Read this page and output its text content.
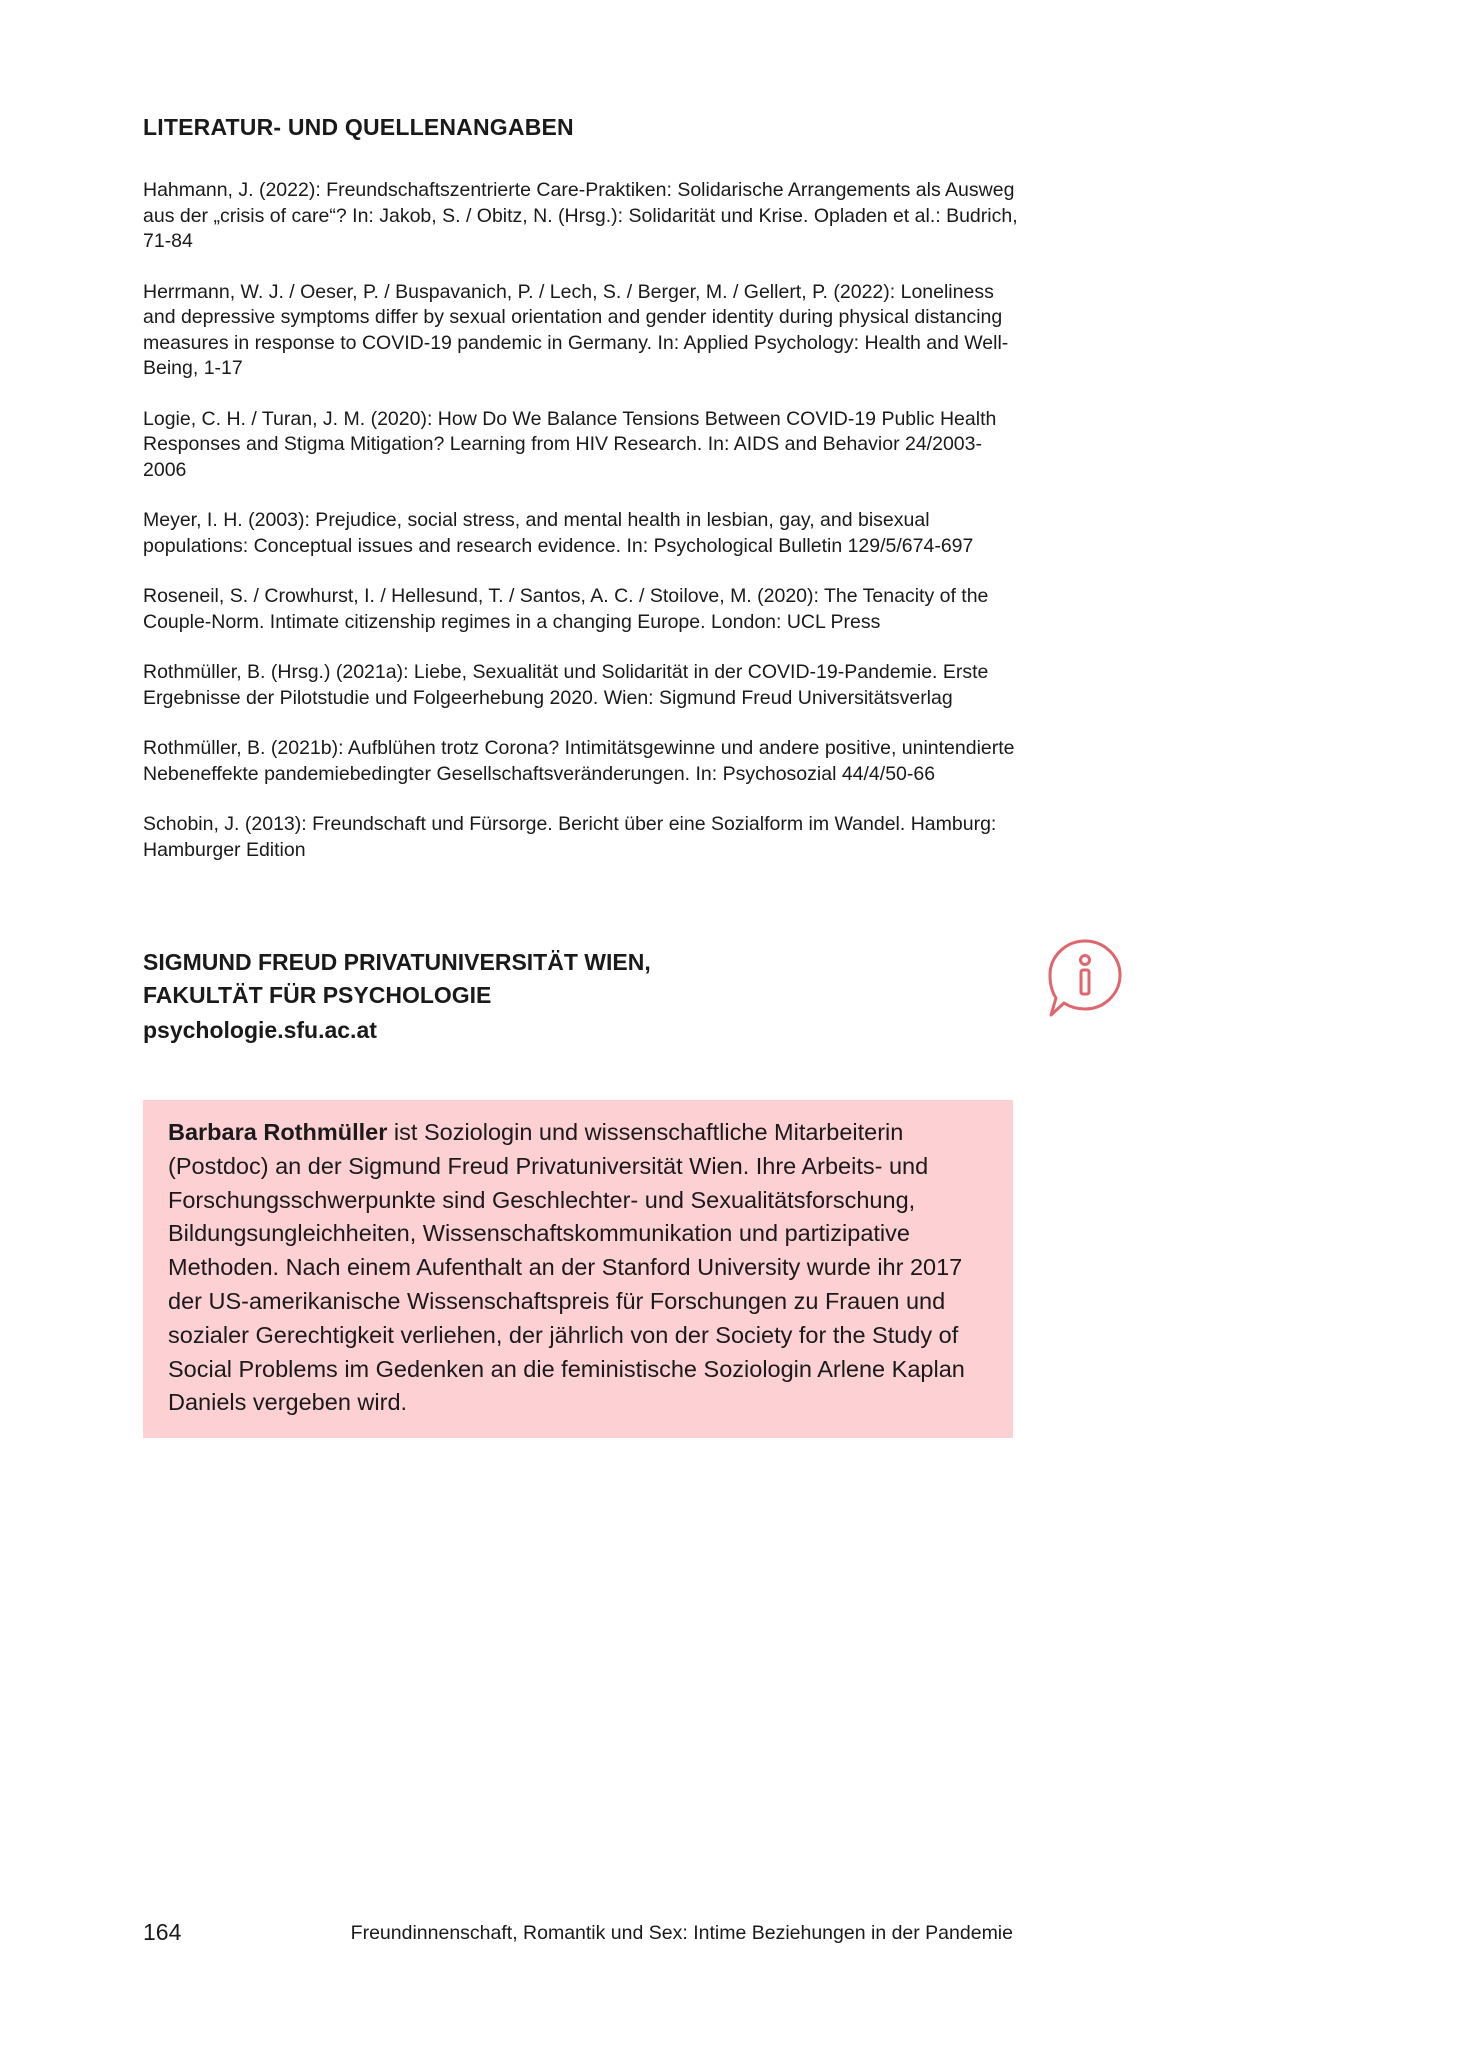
LITERATUR- UND QUELLENANGABEN

Hahmann, J. (2022): Freundschaftszentrierte Care-Praktiken: Solidarische Arrangements als Ausweg aus der „crisis of care“? In: Jakob, S. / Obitz, N. (Hrsg.): Solidarität und Krise. Opladen et al.: Budrich, 71-84

Herrmann, W. J. / Oeser, P. / Buspavanich, P. / Lech, S. / Berger, M. / Gellert, P. (2022): Loneliness and depressive symptoms differ by sexual orientation and gender identity during physical distancing measures in response to COVID-19 pandemic in Germany. In: Applied Psychology: Health and Well-Being, 1-17

Logie, C. H. / Turan, J. M. (2020): How Do We Balance Tensions Between COVID-19 Public Health Responses and Stigma Mitigation? Learning from HIV Research. In: AIDS and Behavior 24/2003-2006

Meyer, I. H. (2003): Prejudice, social stress, and mental health in lesbian, gay, and bisexual populations: Conceptual issues and research evidence. In: Psychological Bulletin 129/5/674-697

Roseneil, S. / Crowhurst, I. / Hellesund, T. / Santos, A. C. / Stoilove, M. (2020): The Tenacity of the Couple-Norm. Intimate citizenship regimes in a changing Europe. London: UCL Press

Rothmüller, B. (Hrsg.) (2021a): Liebe, Sexualität und Solidarität in der COVID-19-Pandemie. Erste Ergebnisse der Pilotstudie und Folgeerhebung 2020. Wien: Sigmund Freud Universitätsverlag

Rothmüller, B. (2021b): Aufblühen trotz Corona? Intimitätsgewinne und andere positive, unintendierte Nebeneffekte pandemiebedingter Gesellschaftsveränderungen. In: Psychosozial 44/4/50-66

Schobin, J. (2013): Freundschaft und Fürsorge. Bericht über eine Sozialform im Wandel. Hamburg: Hamburger Edition

SIGMUND FREUD PRIVATUNIVERSITÄT WIEN,

FAKULTÄT FÜR PSYCHOLOGIE

psychologie.sfu.ac.at

Barbara Rothmüller ist Soziologin und wissenschaftliche Mitarbeiterin (Postdoc) an der Sigmund Freud Privatuniversität Wien. Ihre Arbeits- und Forschungsschwerpunkte sind Geschlechter- und Sexualitätsforschung, Bildungsungleichheiten, Wissenschaftskommunikation und partizipative Methoden. Nach einem Aufenthalt an der Stanford University wurde ihr 2017 der US-amerikanische Wissenschaftspreis für Forschungen zu Frauen und sozialer Gerechtigkeit verliehen, der jährlich von der Society for the Study of Social Problems im Gedenken an die feministische Soziologin Arlene Kaplan Daniels vergeben wird.

164	Freundinnenschaft, Romantik und Sex: Intime Beziehungen in der Pandemie
